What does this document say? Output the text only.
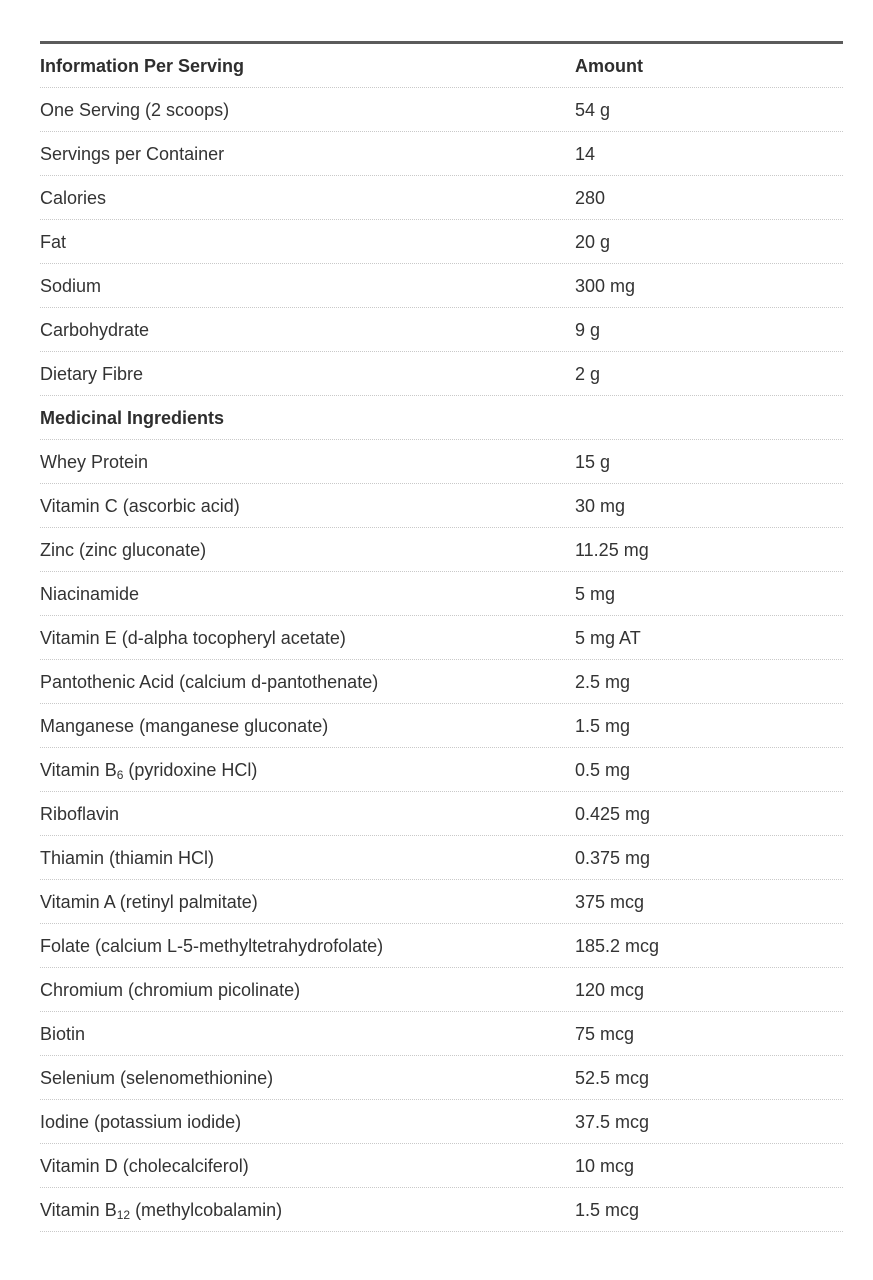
Information Per Serving	Amount
One Serving (2 scoops)	54 g
Servings per Container	14
Calories	280
Fat	20 g
Sodium	300 mg
Carbohydrate	9 g
Dietary Fibre	2 g
Medicinal Ingredients
Whey Protein	15 g
Vitamin C (ascorbic acid)	30 mg
Zinc (zinc gluconate)	11.25 mg
Niacinamide	5 mg
Vitamin E (d-alpha tocopheryl acetate)	5 mg AT
Pantothenic Acid (calcium d-pantothenate)	2.5 mg
Manganese (manganese gluconate)	1.5 mg
Vitamin $B_6$ (pyridoxine HCl)	0.5 mg
Riboflavin	0.425 mg
Thiamin (thiamin HCl)	0.375 mg
Vitamin A (retinyl palmitate)	375 mcg
Folate (calcium L-5-methyltetrahydrofolate)	185.2 mcg
Chromium (chromium picolinate)	120 mcg
Biotin	75 mcg
Selenium (selenomethionine)	52.5 mcg
Iodine (potassium iodide)	37.5 mcg
Vitamin D (cholecalciferol)	10 mcg
Vitamin $B_{12}$ (methylcobalamin)	1.5 mcg
